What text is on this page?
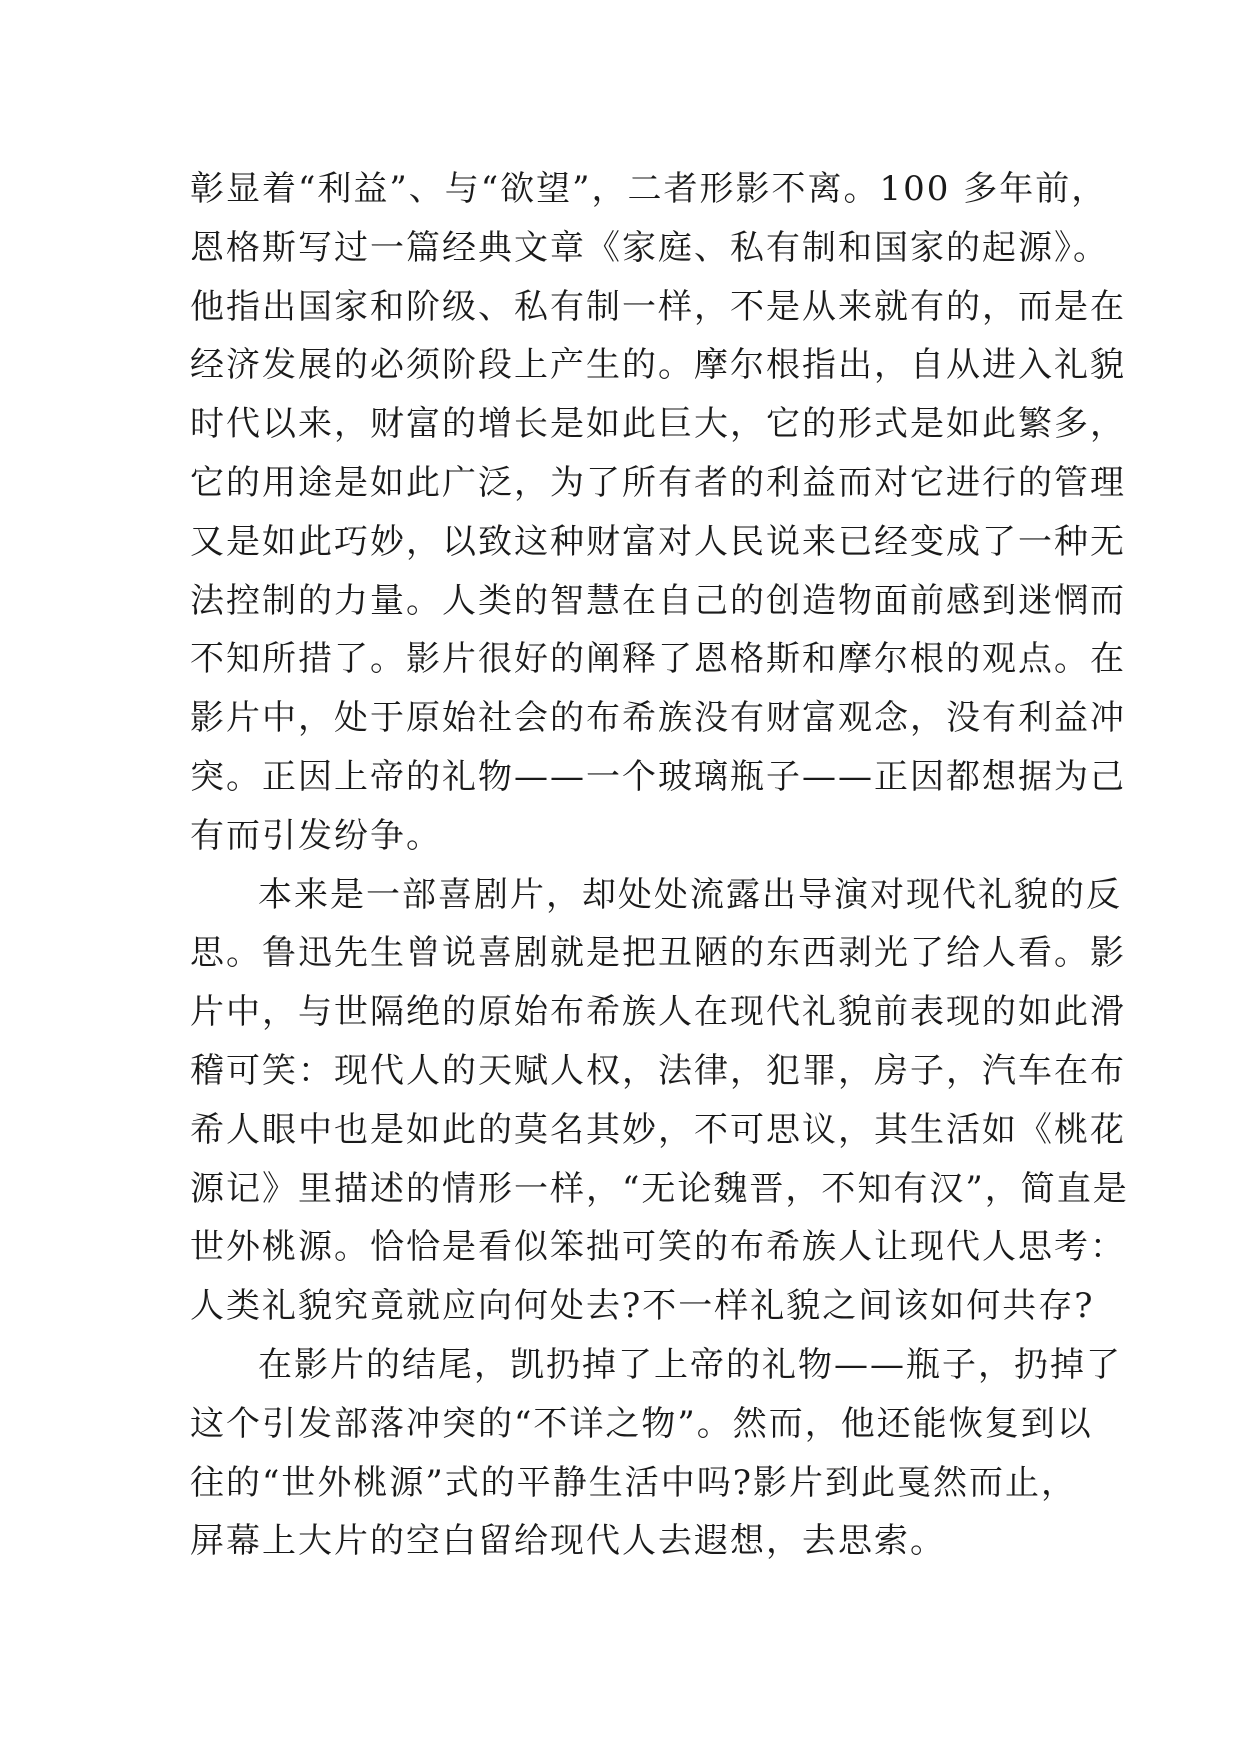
彰显着“利益”、与“欲望”，二者形影不离。100 多年前，
恩格斯写过一篇经典文章《家庭、私有制和国家的起源》。
他指出国家和阶级、私有制一样，不是从来就有的，而是在
经济发展的必须阶段上产生的。摩尔根指出，自从进入礼貌
时代以来，财富的增长是如此巨大，它的形式是如此繁多，
它的用途是如此广泛，为了所有者的利益而对它进行的管理
又是如此巧妙，以致这种财富对人民说来已经变成了一种无
法控制的力量。人类的智慧在自己的创造物面前感到迷惘而
不知所措了。影片很好的阐释了恩格斯和摩尔根的观点。在
影片中，处于原始社会的布希族没有财富观念，没有利益冲
突。正因上帝的礼物——一个玻璃瓶子——正因都想据为己
有而引发纷争。
本来是一部喜剧片，却处处流露出导演对现代礼貌的反
思。鲁迅先生曾说喜剧就是把丑陋的东西剥光了给人看。影
片中，与世隔绝的原始布希族人在现代礼貌前表现的如此滑
稽可笑：现代人的天赋人权，法律，犯罪，房子，汽车在布
希人眼中也是如此的莫名其妙，不可思议，其生活如《桃花
源记》里描述的情形一样，“无论魏晋，不知有汉”，简直是
世外桃源。恰恰是看似笨拙可笑的布希族人让现代人思考：
人类礼貌究竟就应向何处去?不一样礼貌之间该如何共存?
在影片的结尾，凯扔掉了上帝的礼物——瓶子，扔掉了
这个引发部落冲突的“不详之物”。然而，他还能恢复到以
往的“世外桃源”式的平静生活中吗?影片到此戛然而止，
屏幕上大片的空白留给现代人去遐想，去思索。
